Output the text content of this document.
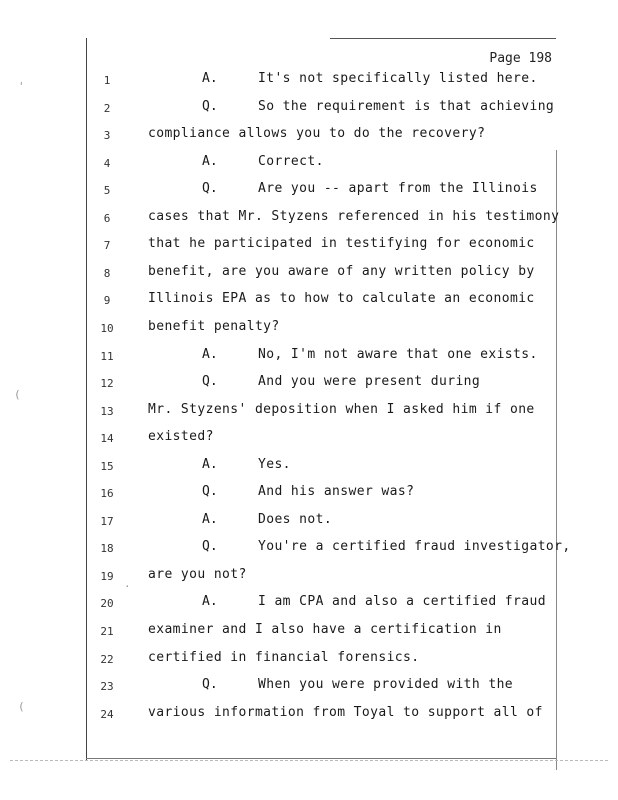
'
(
(
·
Page 198
1	A.	It's not specifically listed here.
2	Q.	So the requirement is that achieving
3	compliance allows you to do the recovery?
4	A.	Correct.
5	Q.	Are you -- apart from the Illinois
6	cases that Mr. Styzens referenced in his testimony
7	that he participated in testifying for economic
8	benefit, are you aware of any written policy by
9	Illinois EPA as to how to calculate an economic
10	benefit penalty?
11	A.	No, I'm not aware that one exists.
12	Q.	And you were present during
13	Mr. Styzens' deposition when I asked him if one
14	existed?
15	A.	Yes.
16	Q.	And his answer was?
17	A.	Does not.
18	Q.	You're a certified fraud investigator,
19	are you not?
20	A.	I am CPA and also a certified fraud
21	examiner and I also have a certification in
22	certified in financial forensics.
23	Q.	When you were provided with the
24	various information from Toyal to support all of
